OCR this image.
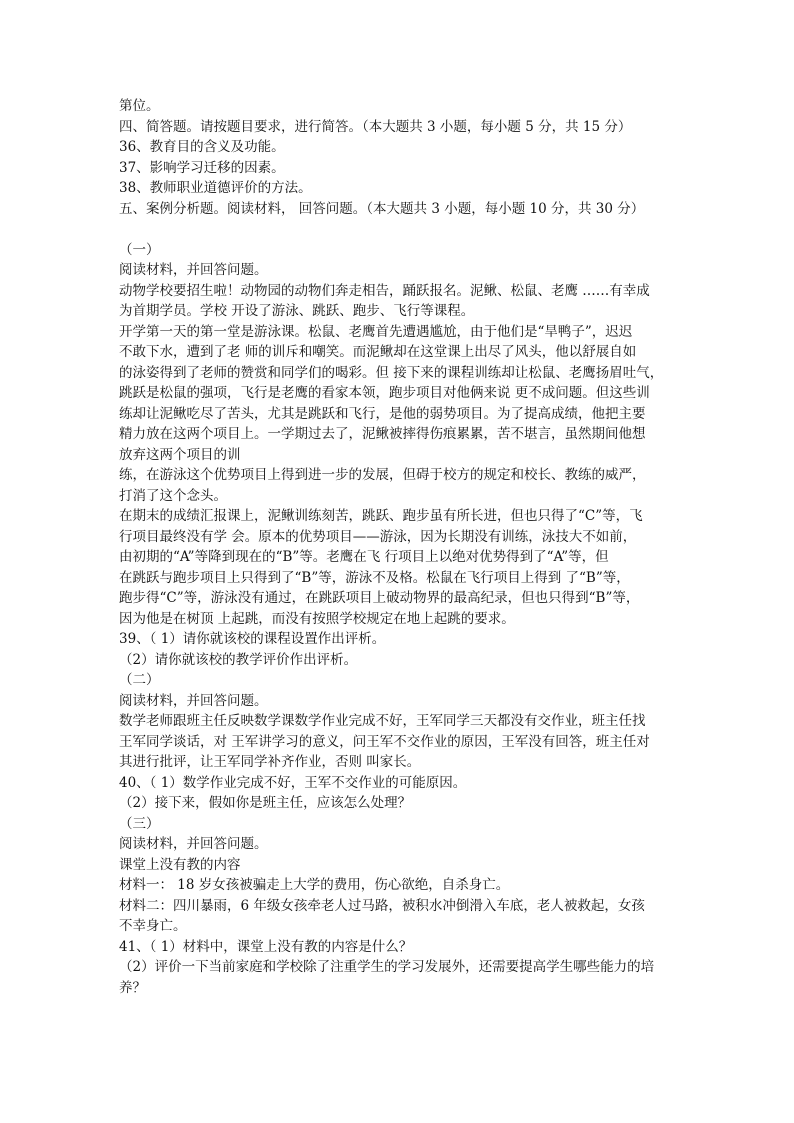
第位。
四、简答题。请按题目要求，进行简答。（本大题共 3 小题，每小题 5 分，共 15 分）
36、教育目的含义及功能。
37、影响学习迁移的因素。
38、教师职业道德评价的方法。
五、案例分析题。阅读材料， 回答问题。（本大题共 3 小题，每小题 10 分，共 30 分）
（一）
阅读材料，并回答问题。
动物学校要招生啦！动物园的动物们奔走相告，踊跃报名。泥鳅、松鼠、老鹰 ……有幸成
为首期学员。学校 开设了游泳、跳跃、跑步、飞行等课程。
开学第一天的第一堂是游泳课。松鼠、老鹰首先遭遇尴尬，由于他们是“旱鸭子”，迟迟
不敢下水，遭到了老 师的训斥和嘲笑。而泥鳅却在这堂课上出尽了风头，他以舒展自如
的泳姿得到了老师的赞赏和同学们的喝彩。但 接下来的课程训练却让松鼠、老鹰扬眉吐气，
跳跃是松鼠的强项，飞行是老鹰的看家本领，跑步项目对他俩来说 更不成问题。但这些训
练却让泥鳅吃尽了苦头，尤其是跳跃和飞行，是他的弱势项目。为了提高成绩，他把主要
精力放在这两个项目上。一学期过去了，泥鳅被摔得伤痕累累，苦不堪言，虽然期间他想
放弃这两个项目的训
练，在游泳这个优势项目上得到进一步的发展，但碍于校方的规定和校长、教练的威严，
打消了这个念头。
在期末的成绩汇报课上，泥鳅训练刻苦，跳跃、跑步虽有所长进，但也只得了“C”等，飞
行项目最终没有学 会。原本的优势项目——游泳，因为长期没有训练，泳技大不如前，
由初期的“A”等降到现在的“B”等。老鹰在飞 行项目上以绝对优势得到了“A”等，但
在跳跃与跑步项目上只得到了“B”等，游泳不及格。松鼠在飞行项目上得到 了“B”等，
跑步得“C”等，游泳没有通过，在跳跃项目上破动物界的最高纪录，但也只得到“B”等，
因为他是在树顶 上起跳，而没有按照学校规定在地上起跳的要求。
39、（ 1）请你就该校的课程设置作出评析。
（2）请你就该校的教学评价作出评析。
（二）
阅读材料，并回答问题。
数学老师跟班主任反映数学课数学作业完成不好，王军同学三天都没有交作业，班主任找
王军同学谈话，对 王军讲学习的意义，问王军不交作业的原因，王军没有回答，班主任对
其进行批评，让王军同学补齐作业，否则 叫家长。
40、（ 1）数学作业完成不好，王军不交作业的可能原因。
（2）接下来，假如你是班主任，应该怎么处理？
（三）
阅读材料，并回答问题。
课堂上没有教的内容
材料一： 18 岁女孩被骗走上大学的费用，伤心欲绝，自杀身亡。
材料二：四川暴雨，6 年级女孩牵老人过马路，被积水冲倒滑入车底，老人被救起，女孩
不幸身亡。
41、（ 1）材料中，课堂上没有教的内容是什么？
（2）评价一下当前家庭和学校除了注重学生的学习发展外，还需要提高学生哪些能力的培
养？
